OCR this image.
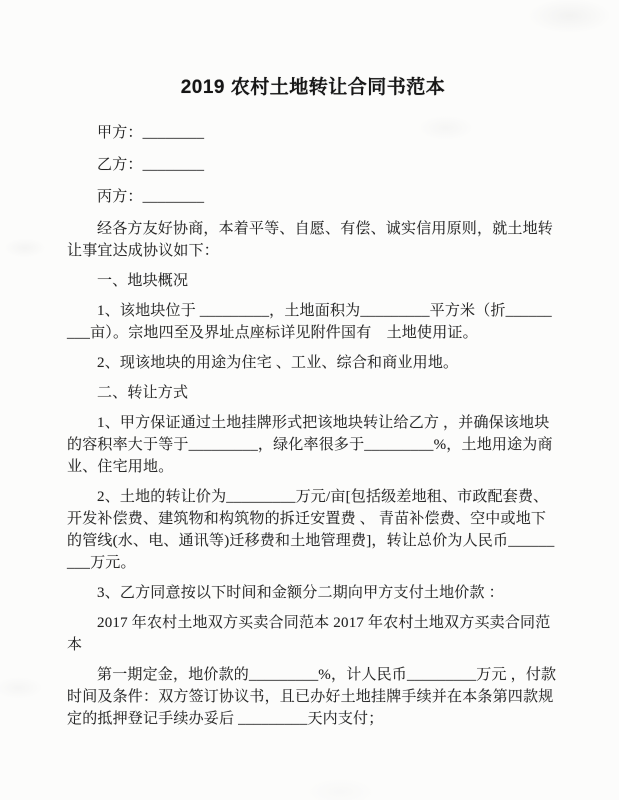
2019 农村土地转让合同书范本

甲方：________

乙方：________

丙方：________

经各方友好协商，本着平等、自愿、有偿、诚实信用原则，就土地转让事宜达成协议如下：

一、地块概况

1、该地块位于 _________，土地面积为_________平方米（折_________亩）。宗地四至及界址点座标详见附件国有　土地使用证。

2、现该地块的用途为住宅 、工业、综合和商业用地。

二、转让方式

1、甲方保证通过土地挂牌形式把该地块转让给乙方 ，并确保该地块的容积率大于等于_________，绿化率很多于_________%，土地用途为商业、住宅用地。

2、土地的转让价为_________万元/亩[包括级差地租、市政配套费、开发补偿费、建筑物和构筑物的拆迁安置费 、 青苗补偿费、空中或地下的管线(水、电、通讯等)迁移费和土地管理费]，转让总价为人民币_________万元。

3、乙方同意按以下时间和金额分二期向甲方支付土地价款 ：

2017 年农村土地双方买卖合同范本 2017 年农村土地双方买卖合同范本

第一期定金，地价款的_________%，计人民币_________万元 ，付款时间及条件：双方签订协议书，且已办好土地挂牌手续并在本条第四款规定的抵押登记手续办妥后 _________天内支付；
